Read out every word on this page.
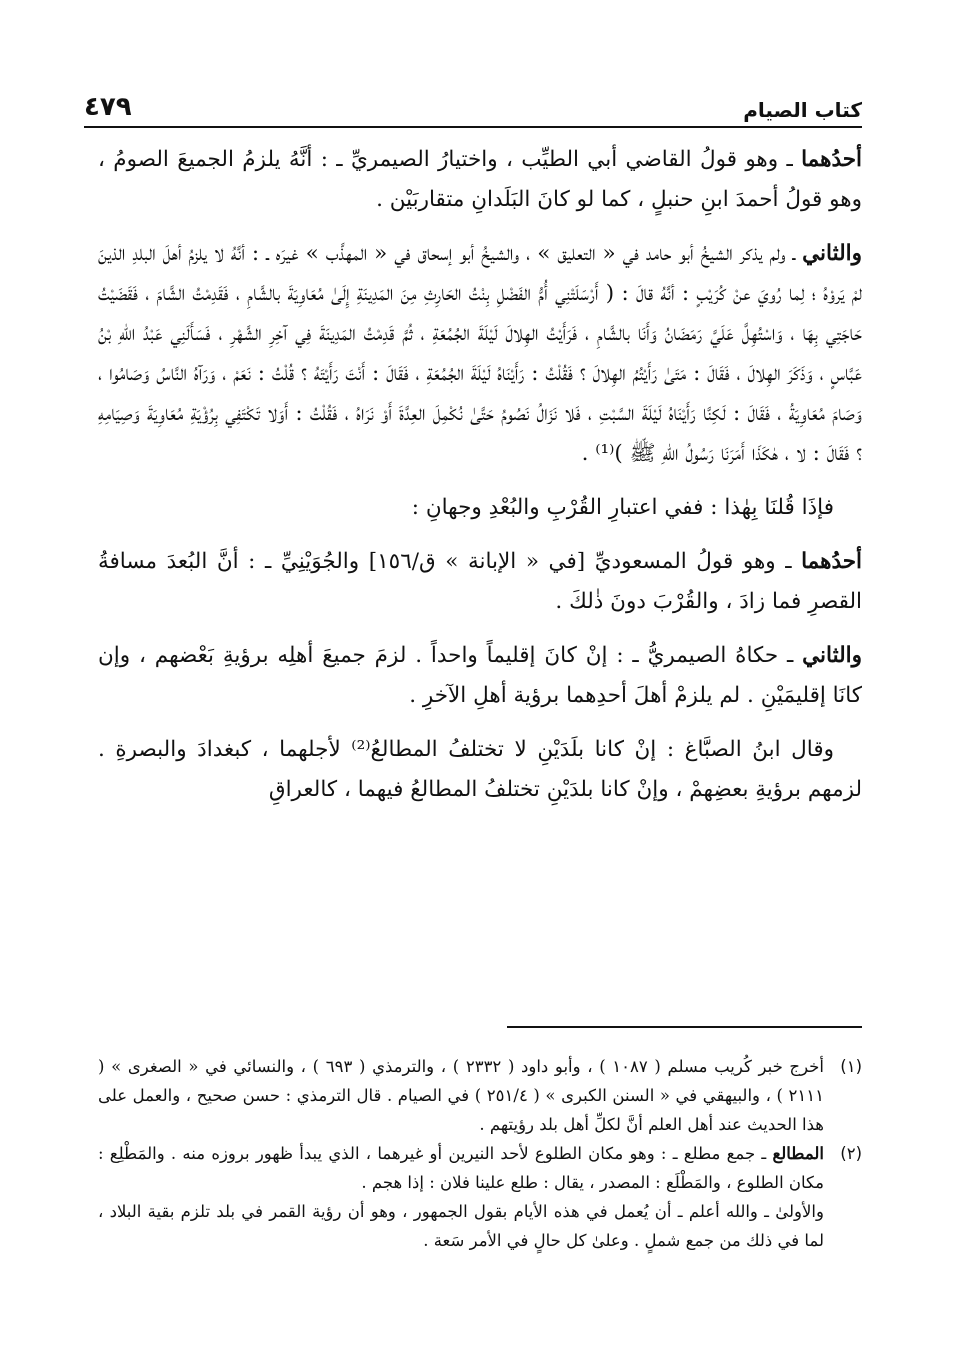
كتاب الصيام
٤٧٩

أحدُهما ـ وهو قولُ القاضي أبي الطيِّب ، واختيارُ الصيمريِّ ـ : أنَّهُ يلزمُ الجميعَ الصومُ ، وهو قولُ أحمدَ ابنِ حنبلٍ ، كما لو كانَ البَلَدانِ متقاربَيْن .

والثاني ـ ولم يذكر الشيخُ أبو حامد في « التعليق » ، والشيخُ أبو إسحاق في « المهذَّب » غيرَه ـ : أنَّهُ لا يلزمُ أهلَ البلدِ الذينَ لمْ يَروْهُ ؛ لِما رُويَ عنْ كُرَيْبٍ : أنَّهُ قالَ : ( أَرْسَلَتْنِي أُمُّ الفَضْلِ بِنْتُ الحَارِثِ مِنَ المَدِينَةِ إِلَىٰ مُعَاوِيَةَ بالشَّامِ ، فَقَدِمْتُ الشَّامَ ، فَقَضَيْتُ حَاجَتِي بِهَا ، وَاسْتُهِلَّ عَلَيَّ رَمَضَانُ وَأَنَا بالشَّامِ ، فَرَأَيْتُ الهِلالَ لَيْلَةَ الجُمُعَةِ ، ثُمَّ قَدِمْتُ المَدِينَةَ فِي آخِرِ الشَّهْرِ ، فَسَأَلَنِي عَبْدُ اللهِ بْنُ عَبَّاسٍ ، وَذَكَرَ الهِلالَ ، فَقَالَ : مَتَىٰ رَأَيْتُمُ الهِلالَ ؟ فَقُلْتُ : رَأَيْنَاهُ لَيْلَةَ الجُمُعَةِ ، فَقَالَ : أَنْتَ رَأَيْتَهُ ؟ قُلْتُ : نَعَمْ ، وَرَآهُ النَّاسُ وَصَامُوا ، وَصَامَ مُعَاوِيَةُ ، فَقَالَ : لَكِنَّا رَأَيْنَاهُ لَيْلَةَ السَّبْتِ ، فَلا نَزَالُ نَصُومُ حَتَّىٰ نُكْمِلَ العِدَّةَ أَوْ نَرَاهُ ، فَقُلْتُ : أَوَلا تَكْتَفِي بِرُؤْيَةِ مُعَاوِيَةَ وَصِيَامِهِ ؟ فَقَالَ : لا ، هٰكَذَا أَمَرَنَا رَسُولُ اللهِ ﷺ )⁽¹⁾ .

فإذَا قُلنَا بِهٰذا : ففي اعتبارِ القُرْبِ والبُعْدِ وجهانِ :

أحدُهما ـ وهو قولُ المسعوديِّ [في « الإبانة » ق/١٥٦] والجُوَيْنِيِّ ـ : أنَّ البُعدَ مسافةُ القصرِ فما زادَ ، والقُرْبَ دونَ ذٰلكَ .

والثاني ـ حكاهُ الصيمريُّ ـ : إنْ كانَ إقليماً واحداً . لزمَ جميعَ أهلِه برؤيةِ بَعْضهم ، وإن كانَا إقليمَيْنِ . لم يلزمْ أهلَ أحدِهما برؤية أهلِ الآخرِ .

وقال ابنُ الصبَّاغ : إنْ كانا بلَدَيْنِ لا تختلفُ المطالعُ⁽²⁾ لأجلهما ، كبغدادَ والبصرةِ . لزمهم برؤيةِ بعضِهمْ ، وإنْ كانا بلدَيْنِ تختلفُ المطالعُ فيهما ، كالعراقِ

(١)
أخرج خبر كُريب مسلم ( ١٠٨٧ ) ، وأبو داود ( ٢٣٣٢ ) ، والترمذي ( ٦٩٣ ) ، والنسائي في « الصغرى » ( ٢١١١ ) ، والبيهقي في « السنن الكبرى » ( ٢٥١/٤ ) في الصيام . قال الترمذي : حسن صحيح ، والعمل على هذا الحديث عند أهل العلم أنَّ لكلِّ أهل بلد رؤيتهم .
(٢)
المطالع ـ جمع مطلع ـ : وهو مكان الطلوع لأحد النيرين أو غيرهما ، الذي يبدأ ظهور بروزه منه . والمَطْلِع : مكان الطلوع ، والمَطْلَع : المصدر ، يقال : طلع علينا فلان : إذا هجم .

والأولىٰ ـ والله أعلم ـ أن يُعمل في هذه الأيام بقول الجمهور ، وهو أن رؤية القمر في بلد تلزم بقية البلاد ، لما في ذلك من جمع شملٍ . وعلىٰ كل حالٍ في الأمر سَعة .
